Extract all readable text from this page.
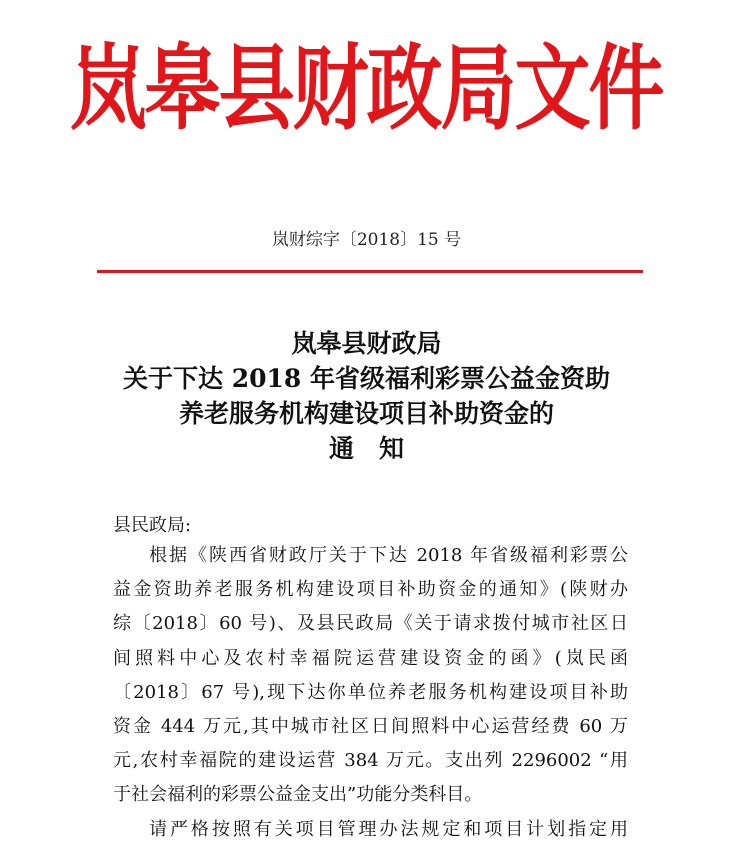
岚皋县财政局文件
岚财综字〔2018〕15 号
岚皋县财政局
关于下达 2018 年省级福利彩票公益金资助
养老服务机构建设项目补助资金的
通　知
县民政局:
根据《陕西省财政厅关于下达 2018 年省级福利彩票公
益金资助养老服务机构建设项目补助资金的通知》(陕财办
综〔2018〕60 号)、及县民政局《关于请求拨付城市社区日
间照料中心及农村幸福院运营建设资金的函》(岚民函
〔2018〕67 号),现下达你单位养老服务机构建设项目补助
资金 444 万元,其中城市社区日间照料中心运营经费 60 万
元,农村幸福院的建设运营 384 万元。支出列 2296002 “用
于社会福利的彩票公益金支出”功能分类科目。
请严格按照有关项目管理办法规定和项目计划指定用
